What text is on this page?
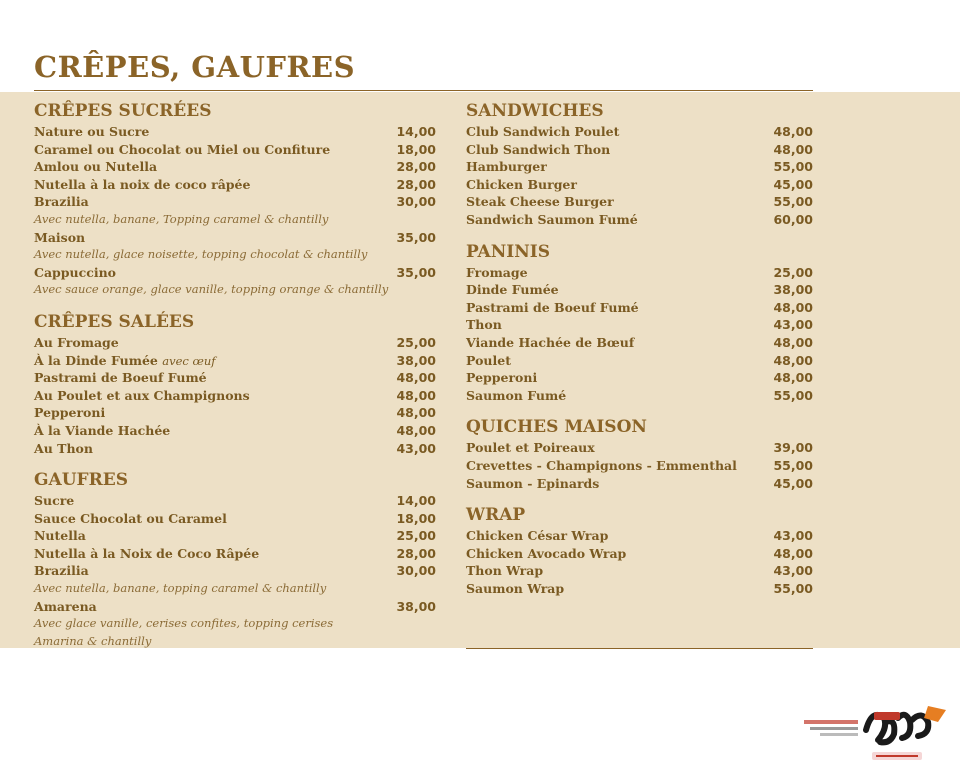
CRÊPES, GAUFRES
CRÊPES SUCRÉES
Nature ou Sucre	14,00
Caramel ou Chocolat ou Miel ou Confiture	18,00
Amlou ou Nutella	28,00
Nutella à la noix de coco râpée	28,00
Brazilia	30,00
Avec nutella, banane, Topping caramel & chantilly
Maison	35,00
Avec nutella, glace noisette, topping chocolat & chantilly
Cappuccino	35,00
Avec sauce orange, glace vanille, topping orange & chantilly
CRÊPES SALÉES
Au Fromage	25,00
À la Dinde Fumée avec œuf	38,00
Pastrami de Boeuf Fumé	48,00
Au Poulet et aux Champignons	48,00
Pepperoni	48,00
À la Viande Hachée	48,00
Au Thon	43,00
GAUFRES
Sucre	14,00
Sauce Chocolat ou Caramel	18,00
Nutella	25,00
Nutella à la Noix de Coco Râpée	28,00
Brazilia	30,00
Avec nutella, banane, topping caramel & chantilly
Amarena	38,00
Avec glace vanille, cerises confites, topping cerises
Amarina & chantilly
SANDWICHES
Club Sandwich Poulet	48,00
Club Sandwich Thon	48,00
Hamburger	55,00
Chicken Burger	45,00
Steak Cheese Burger	55,00
Sandwich Saumon Fumé	60,00
PANINIS
Fromage	25,00
Dinde Fumée	38,00
Pastrami de Boeuf Fumé	48,00
Thon	43,00
Viande Hachée de Bœuf	48,00
Poulet	48,00
Pepperoni	48,00
Saumon Fumé	55,00
QUICHES MAISON
Poulet et Poireaux	39,00
Crevettes - Champignons - Emmenthal	55,00
Saumon - Epinards	45,00
WRAP
Chicken César Wrap	43,00
Chicken Avocado Wrap	48,00
Thon Wrap	43,00
Saumon Wrap	55,00
